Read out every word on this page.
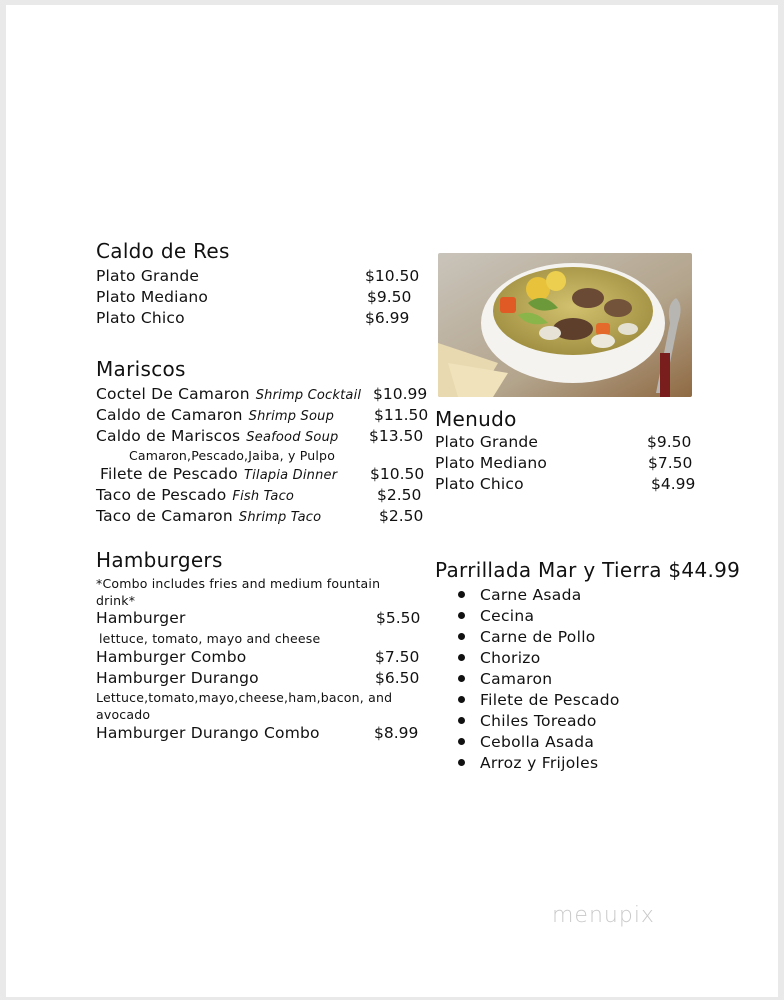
Caldo de Res
Plato Grande	$10.50
Plato Mediano	$9.50
Plato Chico	$6.99
Mariscos
Coctel De Camaron Shrimp Cocktail $10.99
Caldo de Camaron Shrimp Soup	$11.50
Caldo de Mariscos Seafood Soup $13.50
Camaron,Pescado,Jaiba, y Pulpo
Filete de Pescado Tilapia Dinner $10.50
Taco de Pescado Fish Taco	$2.50
Taco de Camaron Shrimp Taco	$2.50
Hamburgers
*Combo includes fries and medium fountain
drink*
Hamburger	$5.50
lettuce, tomato, mayo and cheese
Hamburger Combo	$7.50
Hamburger Durango	$6.50
Lettuce,tomato,mayo,cheese,ham,bacon, and
avocado
Hamburger Durango Combo	$8.99
Menudo
Plato Grande	$9.50
Plato Mediano	$7.50
Plato Chico	$4.99
Parrillada Mar y Tierra $44.99
Carne Asada
Cecina
Carne de Pollo
Chorizo
Camaron
Filete de Pescado
Chiles Toreado
Cebolla Asada
Arroz y Frijoles
menupix
